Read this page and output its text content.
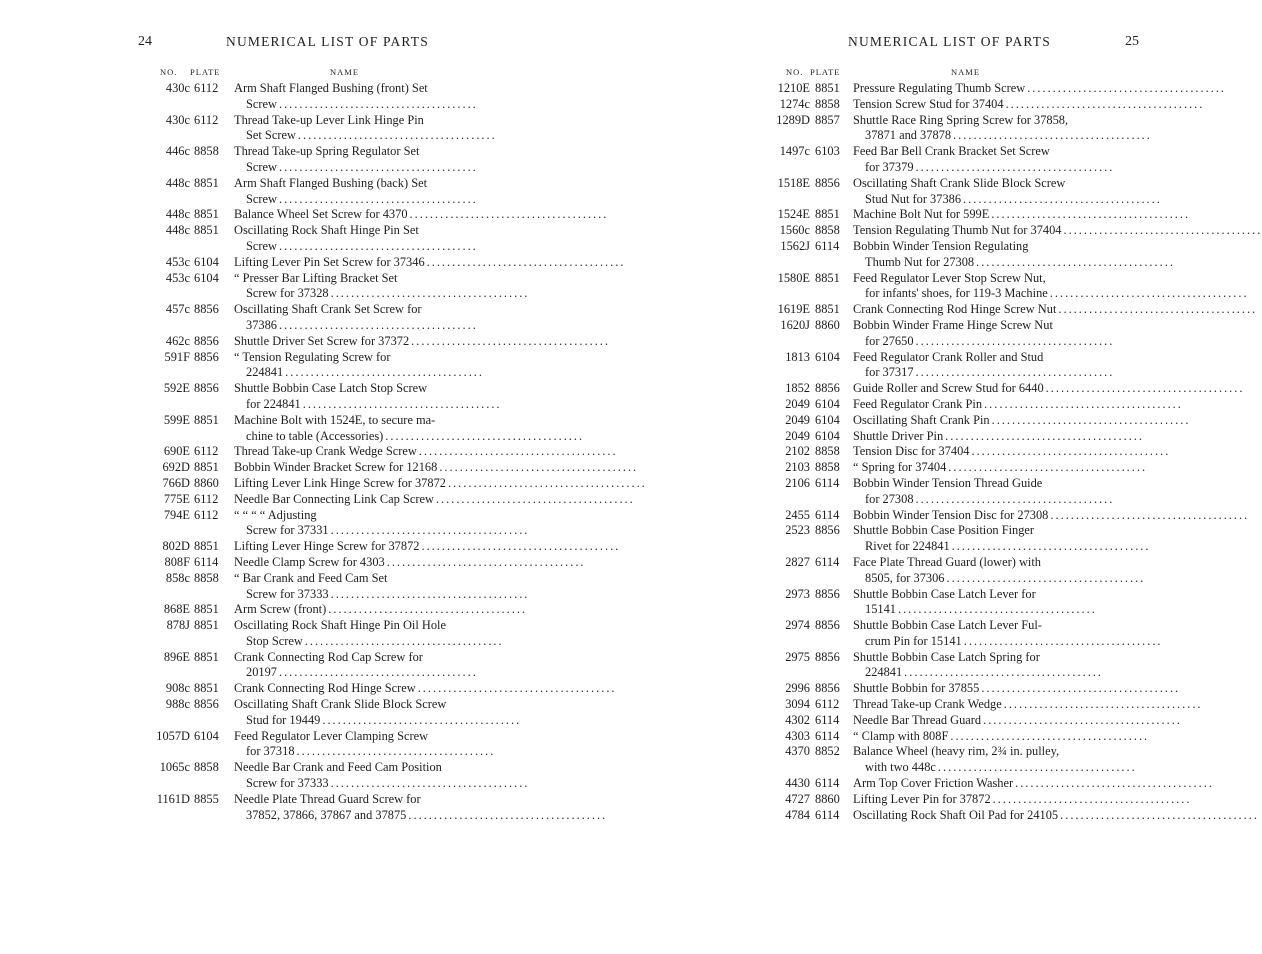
24	NUMERICAL LIST OF PARTS
NO. PLATE	NAME
430c 6112	Arm Shaft Flanged Bushing (front) Set
Screw .......................................
430c 6112	Thread Take-up Lever Link Hinge Pin
Set Screw .......................................
446c 8858	Thread Take-up Spring Regulator Set
Screw .......................................
448c 8851	Arm Shaft Flanged Bushing (back) Set
Screw .......................................
448c 8851	Balance Wheel Set Screw for 4370 .......................................
448c 8851	Oscillating Rock Shaft Hinge Pin Set
Screw .......................................
453c 6104	Lifting Lever Pin Set Screw for 37346 .......................................
453c 6104	“ Presser Bar Lifting Bracket Set
Screw for 37328 .......................................
457c 8856	Oscillating Shaft Crank Set Screw for
37386 .......................................
462c 8856	Shuttle Driver Set Screw for 37372 .......................................
591F 8856	“ Tension Regulating Screw for
224841 .......................................
592E 8856	Shuttle Bobbin Case Latch Stop Screw
for 224841 .......................................
599E 8851	Machine Bolt with 1524E, to secure ma-
chine to table (Accessories) .......................................
690E 6112	Thread Take-up Crank Wedge Screw .......................................
692D 8851	Bobbin Winder Bracket Screw for 12168 .......................................
766D 8860	Lifting Lever Link Hinge Screw for 37872 .......................................
775E 6112	Needle Bar Connecting Link Cap Screw .......................................
794E 6112	“ “ “ “ Adjusting
Screw for 37331 .......................................
802D 8851	Lifting Lever Hinge Screw for 37872 .......................................
808F 6114	Needle Clamp Screw for 4303 .......................................
858c 8858	“ Bar Crank and Feed Cam Set
Screw for 37333 .......................................
868E 8851	Arm Screw (front) .......................................
878J 8851	Oscillating Rock Shaft Hinge Pin Oil Hole
Stop Screw .......................................
896E 8851	Crank Connecting Rod Cap Screw for
20197 .......................................
908c 8851	Crank Connecting Rod Hinge Screw .......................................
988c 8856	Oscillating Shaft Crank Slide Block Screw
Stud for 19449 .......................................
1057D 6104	Feed Regulator Lever Clamping Screw
for 37318 .......................................
1065c 8858	Needle Bar Crank and Feed Cam Position
Screw for 37333 .......................................
1161D 8855	Needle Plate Thread Guard Screw for
37852, 37866, 37867 and 37875 .......................................
NUMERICAL LIST OF PARTS	25
NO. PLATE	NAME
1210E 8851	Pressure Regulating Thumb Screw .......................................
1274c 8858	Tension Screw Stud for 37404 .......................................
1289D 8857	Shuttle Race Ring Spring Screw for 37858,
37871 and 37878 .......................................
1497c 6103	Feed Bar Bell Crank Bracket Set Screw
for 37379 .......................................
1518E 8856	Oscillating Shaft Crank Slide Block Screw
Stud Nut for 37386 .......................................
1524E 8851	Machine Bolt Nut for 599E .......................................
1560c 8858	Tension Regulating Thumb Nut for 37404 .......................................
1562J 6114	Bobbin Winder Tension Regulating
Thumb Nut for 27308 .......................................
1580E 8851	Feed Regulator Lever Stop Screw Nut,
for infants' shoes, for 119-3 Machine .......................................
1619E 8851	Crank Connecting Rod Hinge Screw Nut .......................................
1620J 8860	Bobbin Winder Frame Hinge Screw Nut
for 27650 .......................................
1813 6104	Feed Regulator Crank Roller and Stud
for 37317 .......................................
1852 8856	Guide Roller and Screw Stud for 6440 .......................................
2049 6104	Feed Regulator Crank Pin .......................................
2049 6104	Oscillating Shaft Crank Pin .......................................
2049 6104	Shuttle Driver Pin .......................................
2102 8858	Tension Disc for 37404 .......................................
2103 8858	“ Spring for 37404 .......................................
2106 6114	Bobbin Winder Tension Thread Guide
for 27308 .......................................
2455 6114	Bobbin Winder Tension Disc for 27308 .......................................
2523 8856	Shuttle Bobbin Case Position Finger
Rivet for 224841 .......................................
2827 6114	Face Plate Thread Guard (lower) with
8505, for 37306 .......................................
2973 8856	Shuttle Bobbin Case Latch Lever for
15141 .......................................
2974 8856	Shuttle Bobbin Case Latch Lever Ful-
crum Pin for 15141 .......................................
2975 8856	Shuttle Bobbin Case Latch Spring for
224841 .......................................
2996 8856	Shuttle Bobbin for 37855 .......................................
3094 6112	Thread Take-up Crank Wedge .......................................
4302 6114	Needle Bar Thread Guard .......................................
4303 6114	“ Clamp with 808F .......................................
4370 8852	Balance Wheel (heavy rim, 2¾ in. pulley,
with two 448c .......................................
4430 6114	Arm Top Cover Friction Washer .......................................
4727 8860	Lifting Lever Pin for 37872 .......................................
4784 6114	Oscillating Rock Shaft Oil Pad for 24105 .......................................
